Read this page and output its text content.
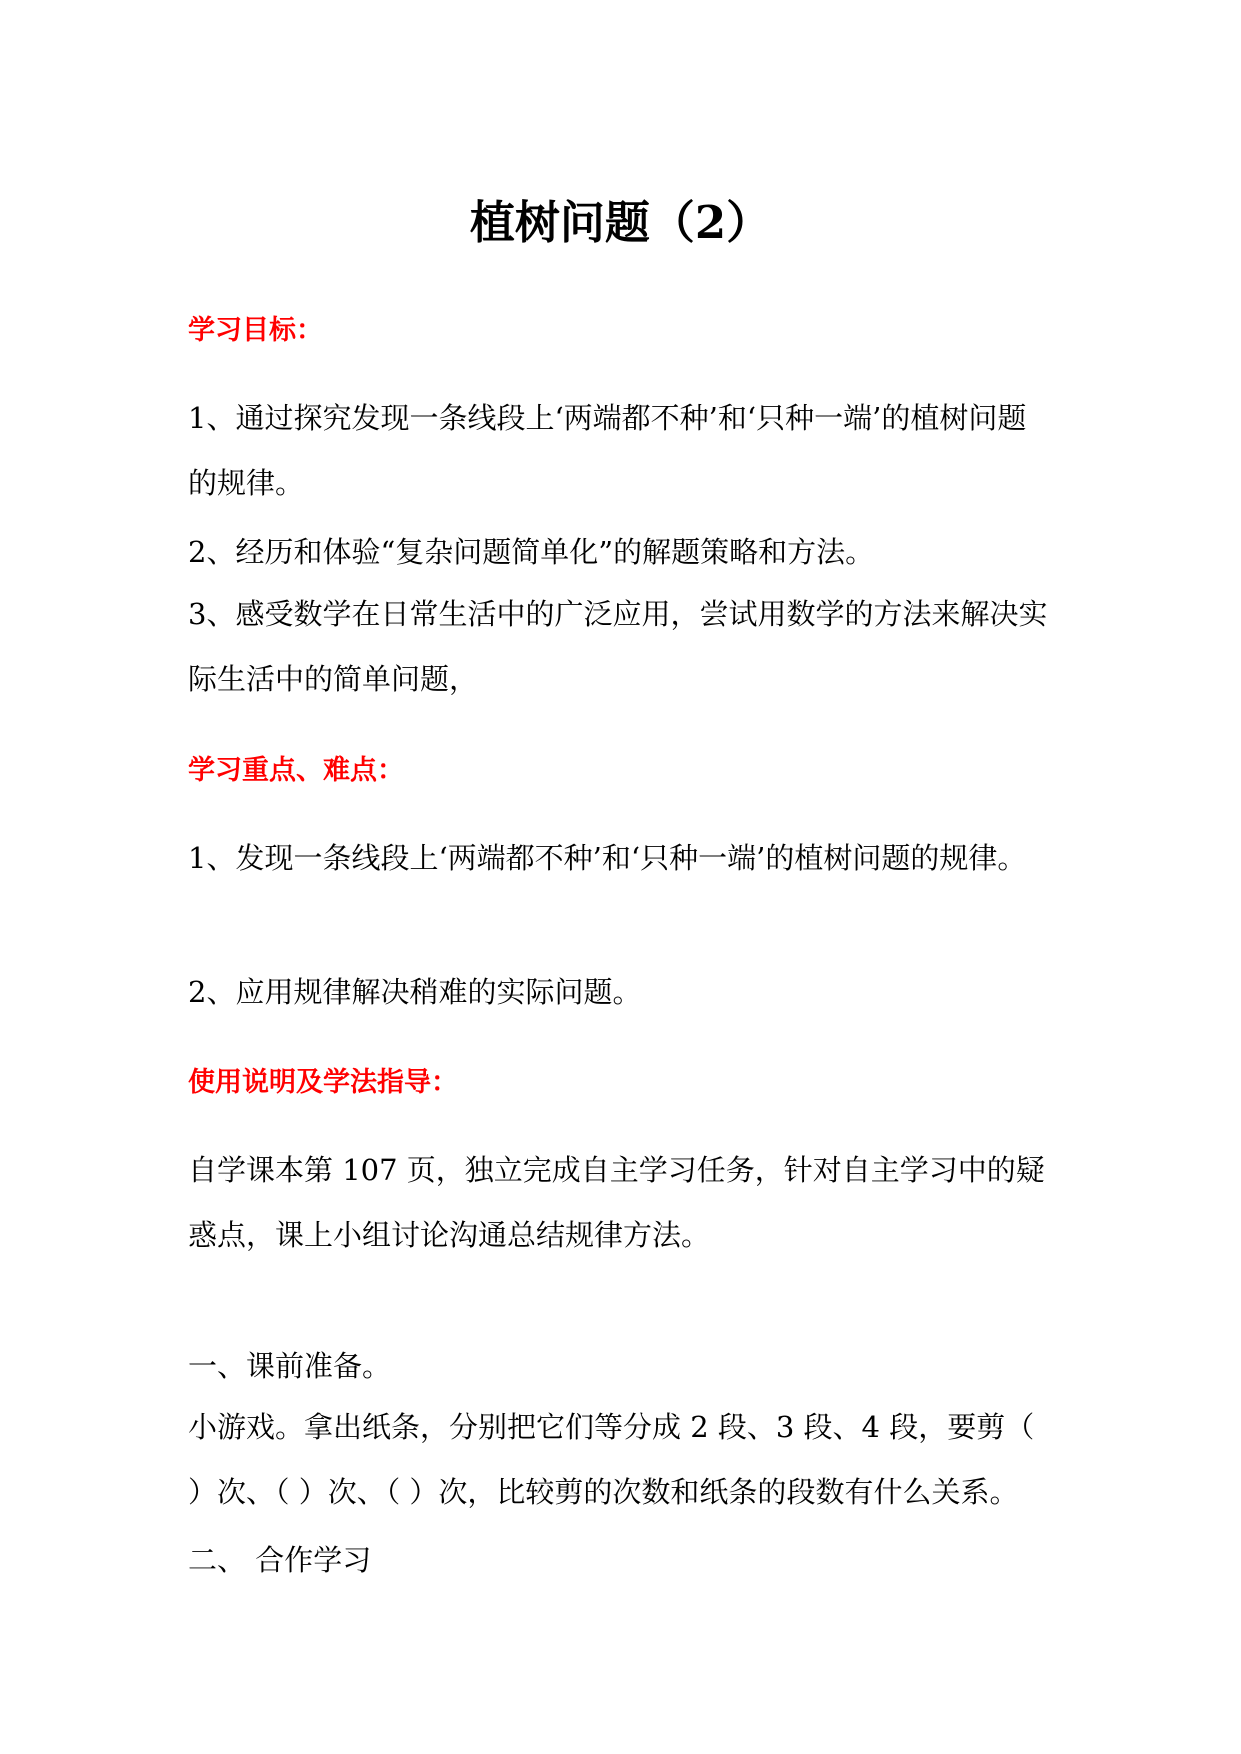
植树问题（2）
学习目标：
1、通过探究发现一条线段上‘两端都不种’和‘只种一端’的植树问题的规律。
2、经历和体验“复杂问题简单化”的解题策略和方法。
3、感受数学在日常生活中的广泛应用，尝试用数学的方法来解决实际生活中的简单问题，
学习重点、难点：
1、发现一条线段上‘两端都不种’和‘只种一端’的植树问题的规律。
2、应用规律解决稍难的实际问题。
使用说明及学法指导：
自学课本第 107 页，独立完成自主学习任务，针对自主学习中的疑惑点，课上小组讨论沟通总结规律方法。
一、课前准备。
小游戏。拿出纸条，分别把它们等分成 2 段、3 段、4 段，要剪（ ）次、（ ）次、（ ）次，比较剪的次数和纸条的段数有什么关系。
二、 合作学习
